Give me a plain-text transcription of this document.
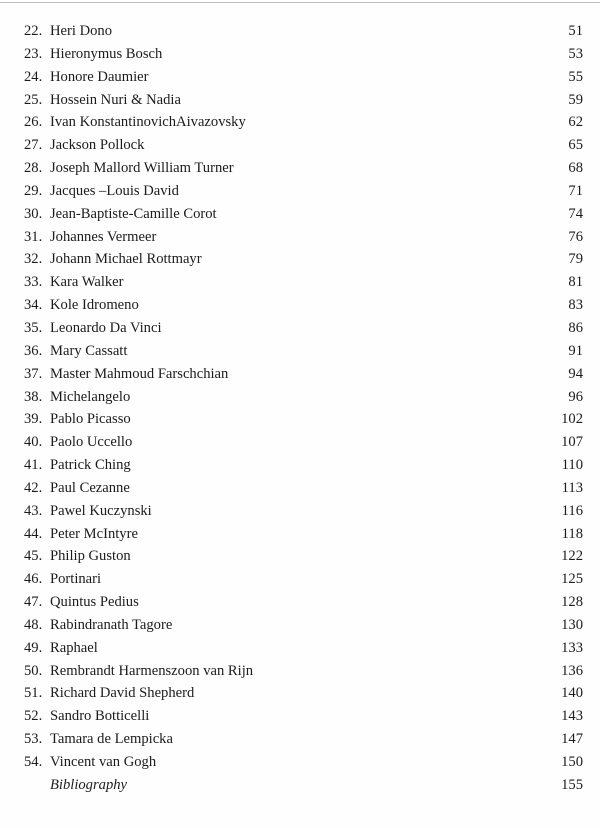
22. Heri Dono	51
23. Hieronymus Bosch	53
24. Honore Daumier	55
25. Hossein Nuri & Nadia	59
26. Ivan KonstantinovichAivazovsky	62
27. Jackson Pollock	65
28. Joseph Mallord William Turner	68
29. Jacques –Louis David	71
30. Jean-Baptiste-Camille Corot	74
31. Johannes Vermeer	76
32. Johann Michael Rottmayr	79
33. Kara Walker	81
34. Kole Idromeno	83
35. Leonardo Da Vinci	86
36. Mary Cassatt	91
37. Master Mahmoud Farschchian	94
38. Michelangelo	96
39. Pablo Picasso	102
40. Paolo Uccello	107
41. Patrick Ching	110
42. Paul Cezanne	113
43. Pawel Kuczynski	116
44. Peter McIntyre	118
45. Philip Guston	122
46. Portinari	125
47. Quintus Pedius	128
48. Rabindranath Tagore	130
49. Raphael	133
50. Rembrandt Harmenszoon van Rijn	136
51. Richard David Shepherd	140
52. Sandro Botticelli	143
53. Tamara de Lempicka	147
54. Vincent van Gogh	150
Bibliography	155
